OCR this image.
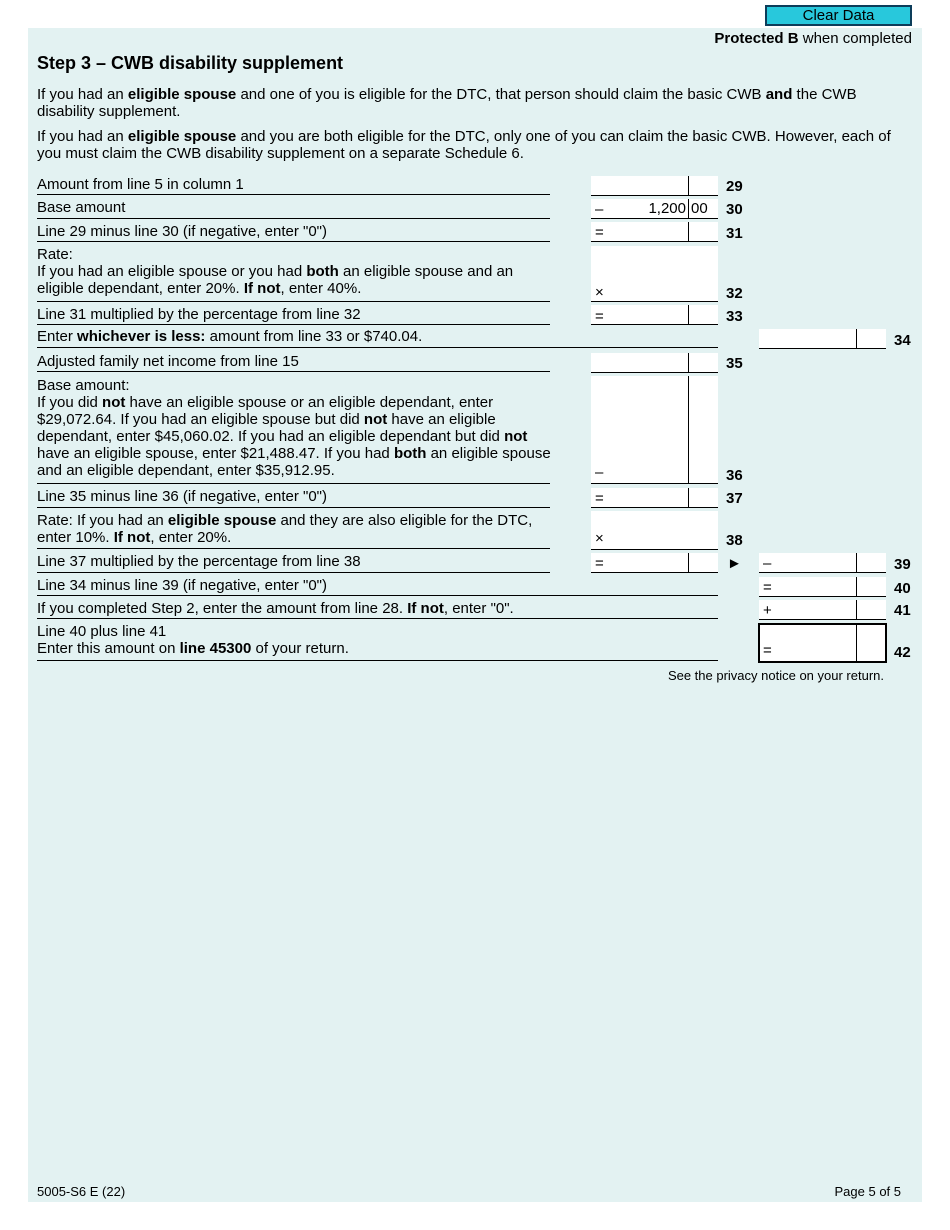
Clear Data
Protected B when completed
Step 3 – CWB disability supplement

If you had an eligible spouse and one of you is eligible for the DTC, that person should claim the basic CWB and the CWB disability supplement.

If you had an eligible spouse and you are both eligible for the DTC, only one of you can claim the basic CWB. However, each of you must claim the CWB disability supplement on a separate Schedule 6.

Amount from line 5 in column 1	29
Base amount	–	1,200 00 30
Line 29 minus line 30 (if negative, enter "0")	=	31
Rate:
If you had an eligible spouse or you had both an eligible spouse and an eligible dependant, enter 20%. If not, enter 40%.	×	32
Line 31 multiplied by the percentage from line 32	=	33
Enter whichever is less: amount from line 33 or $740.04.	34
Adjusted family net income from line 15	35
Base amount:
If you did not have an eligible spouse or an eligible dependant, enter $29,072.64. If you had an eligible spouse but did not have an eligible dependant, enter $45,060.02. If you had an eligible dependant but did not have an eligible spouse, enter $21,488.47. If you had both an eligible spouse and an eligible dependant, enter $35,912.95.	–	36
Line 35 minus line 36 (if negative, enter "0")	=	37
Rate: If you had an eligible spouse and they are also eligible for the DTC, enter 10%. If not, enter 20%.	×	38
Line 37 multiplied by the percentage from line 38	=	► –	39
Line 34 minus line 39 (if negative, enter "0")	=	40
If you completed Step 2, enter the amount from line 28. If not, enter "0".	+	41
Line 40 plus line 41
Enter this amount on line 45300 of your return.	=	42
See the privacy notice on your return.
5005-S6 E (22)	Page 5 of 5
